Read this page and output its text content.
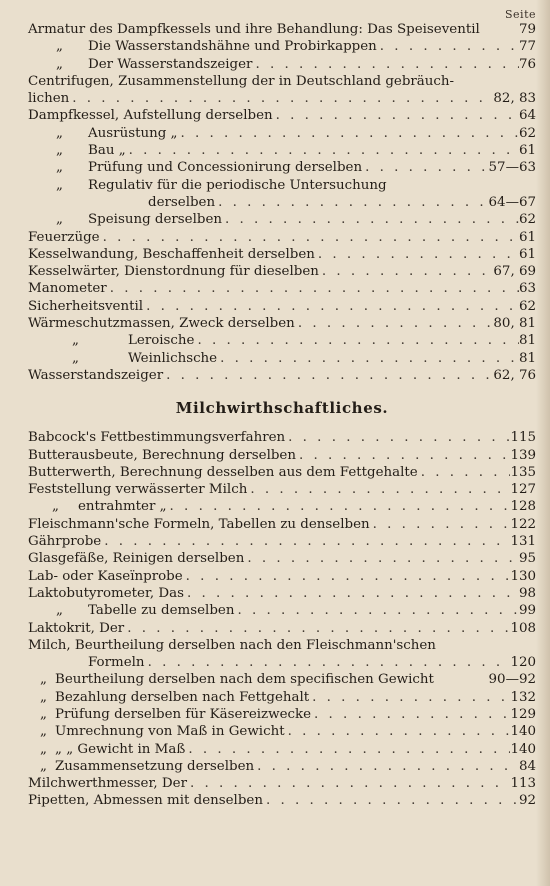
Seite
Armatur des Dampfkessels und ihre Behandlung: Das Speiseventil	79
„	Die Wasserstandshähne und Probirkappen . . .	77
„	Der Wasserstandszeiger . . .	76
Centrifugen, Zusammenstellung der in Deutschland gebräuch-
lichen . . .	82, 83
Dampfkessel, Aufstellung derselben . . .	64
„	Ausrüstung „ . . .	62
„	Bau „ . . .	61
„	Prüfung und Concessionirung derselben . . .	57—63
„	Regulativ für die periodische Untersuchung
derselben . . .	64—67
„	Speisung derselben . . .	62
Feuerzüge . . .	61
Kesselwandung, Beschaffenheit derselben . . .	61
Kesselwärter, Dienstordnung für dieselben . . .	67, 69
Manometer . . .	63
Sicherheitsventil . . .	62
Wärmeschutzmassen, Zweck derselben . . .	80, 81
„	Leroische . . .	81
„	Weinlichsche . . .	81
Wasserstandszeiger . . .	62, 76
Milchwirthschaftliches.
Babcock's Fettbestimmungsverfahren . . .	115
Butterausbeute, Berechnung derselben . . .	139
Butterwerth, Berechnung desselben aus dem Fettgehalte . . .	135
Feststellung verwässerter Milch . . .	127
„	entrahmter „ . . .	128
Fleischmann'sche Formeln, Tabellen zu denselben . . .	122
Gährprobe . . .	131
Glasgefäße, Reinigen derselben . . .	95
Lab- oder Kaseïnprobe . . .	130
Laktobutyrometer, Das . . .	98
„	Tabelle zu demselben . . .	99
Laktokrit, Der . . .	108
Milch, Beurtheilung derselben nach den Fleischmann'schen
Formeln . . .	120
„ Beurtheilung derselben nach dem specifischen Gewicht	90—92
„ Bezahlung derselben nach Fettgehalt . . .	132
„ Prüfung derselben für Käsereizwecke . . .	129
„ Umrechnung von Maß in Gewicht . . .	140
„ „ „ Gewicht in Maß . . .	140
„ Zusammensetzung derselben . . .	84
Milchwerthmesser, Der . . .	113
Pipetten, Abmessen mit denselben . . .	92
